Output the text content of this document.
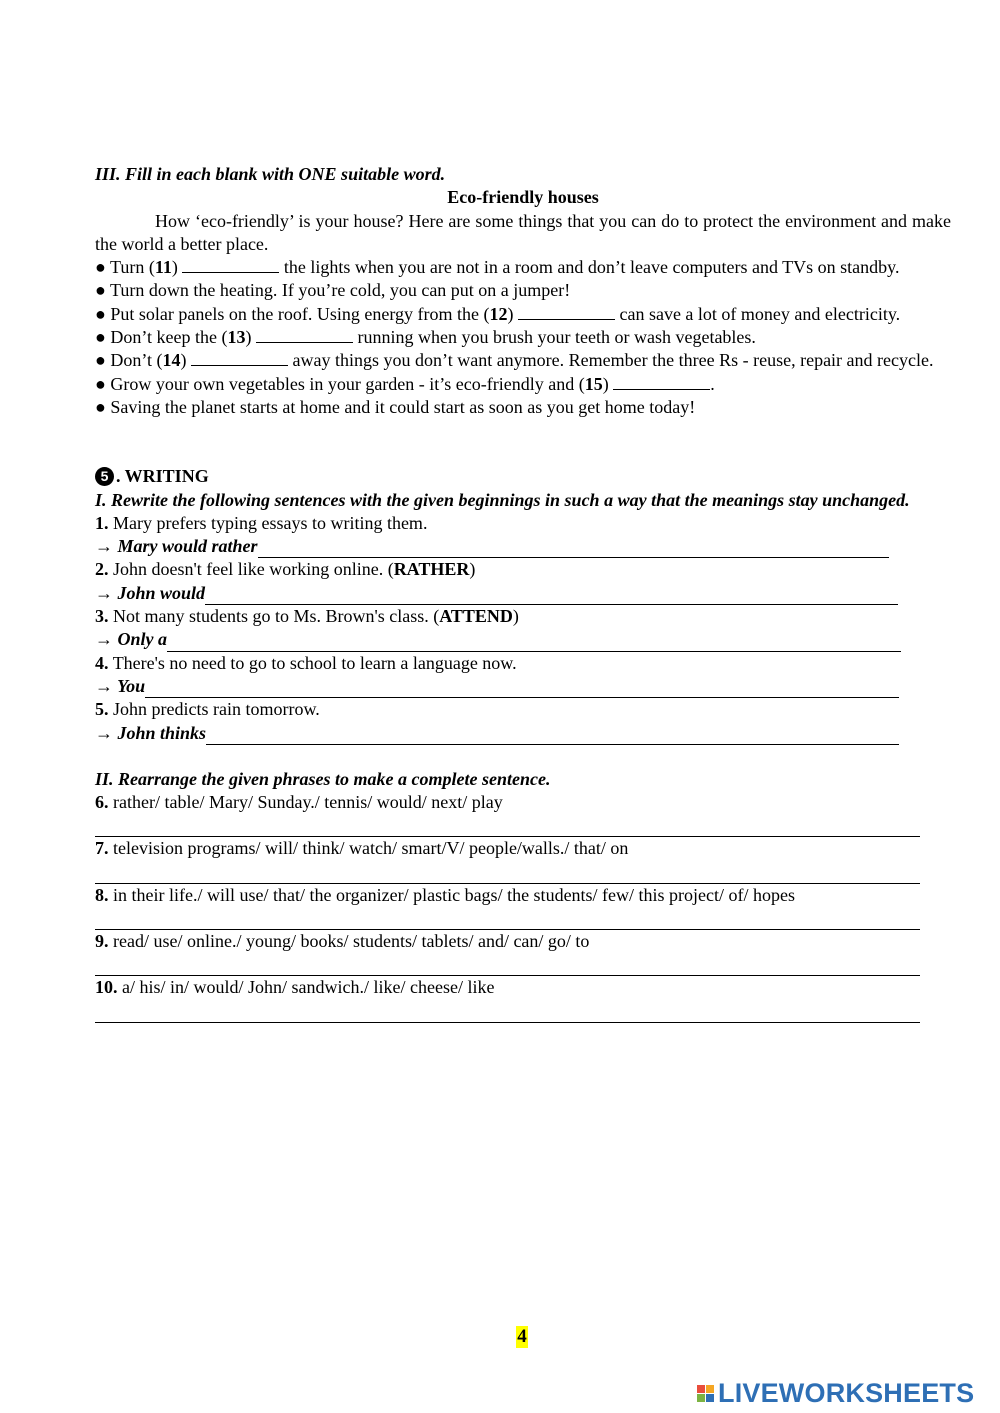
III. Fill in each blank with ONE suitable word.
Eco-friendly houses
How ‘eco-friendly’ is your house? Here are some things that you can do to protect the environment and make the world a better place.
● Turn (11)	the lights when you are not in a room and don’t leave computers and TVs on standby.
● Turn down the heating. If you’re cold, you can put on a jumper!
● Put solar panels on the roof. Using energy from the (12)	can save a lot of money and electricity.
● Don’t keep the (13)	running when you brush your teeth or wash vegetables.
● Don’t (14)	away things you don’t want anymore. Remember the three Rs - reuse, repair and recycle.
● Grow your own vegetables in your garden - it’s eco-friendly and (15)	.
● Saving the planet starts at home and it could start as soon as you get home today!
5 . WRITING
I. Rewrite the following sentences with the given beginnings in such a way that the meanings stay unchanged.
1. Mary prefers typing essays to writing them.
→ Mary would rather
2. John doesn't feel like working online. (RATHER)
→ John would
3. Not many students go to Ms. Brown's class. (ATTEND)
→ Only a
4. There's no need to go to school to learn a language now.
→ You
5. John predicts rain tomorrow.
→ John thinks
II. Rearrange the given phrases to make a complete sentence.
6. rather/ table/ Mary/ Sunday./ tennis/ would/ next/ play
7. television programs/ will/ think/ watch/ smart/V/ people/walls./ that/ on
8. in their life./ will use/ that/ the organizer/ plastic bags/ the students/ few/ this project/ of/ hopes
9. read/ use/ online./ young/ books/ students/ tablets/ and/ can/ go/ to
10. a/ his/ in/ would/ John/ sandwich./ like/ cheese/ like
4
LIVEWORKSHEETS
